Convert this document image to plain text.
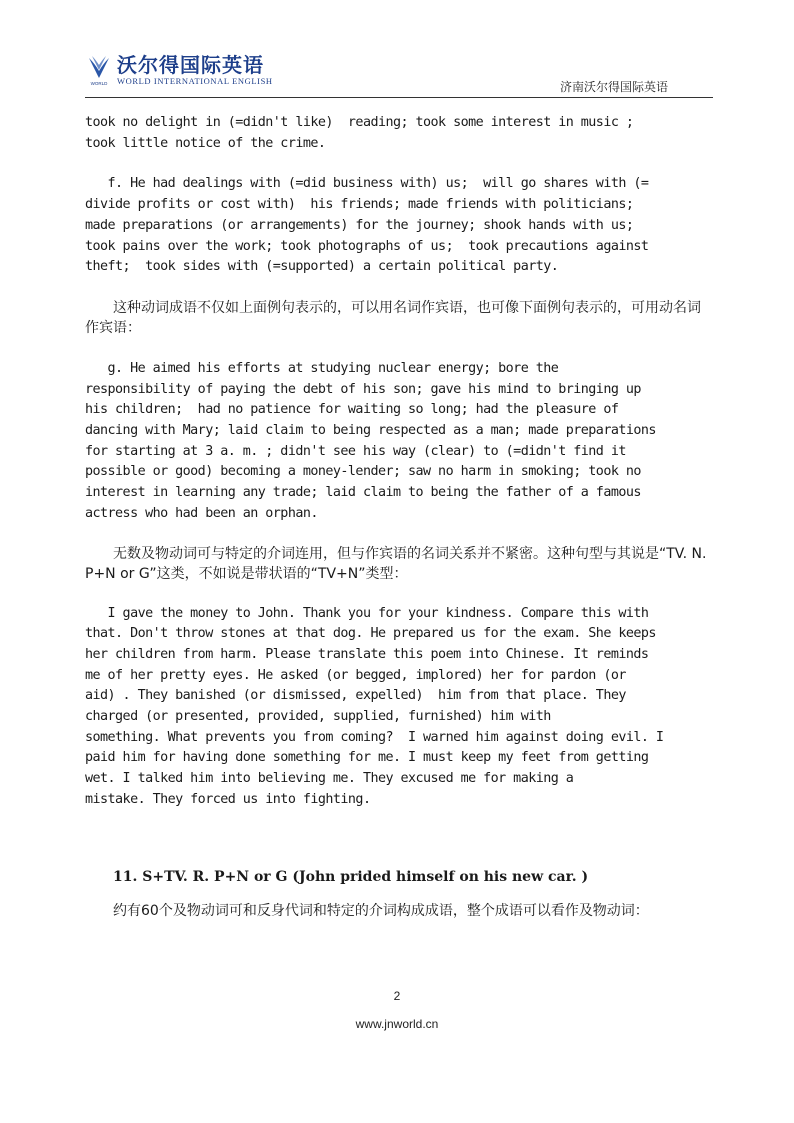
WORLD
沃尔得国际英语
WORLD INTERNATIONAL ENGLISH	济南沃尔得国际英语

took no delight in (=didn't like)  reading; took some interest in music ;
took little notice of the crime.

f. He had dealings with (=did business with) us;  will go shares with (=
divide profits or cost with)  his friends; made friends with politicians;
made preparations (or arrangements) for the journey; shook hands with us;
took pains over the work; took photographs of us;  took precautions against
theft;  took sides with (=supported) a certain political party.

这种动词成语不仅如上面例句表示的，可以用名词作宾语，也可像下面例句表示的，可用动名词作宾语：

g. He aimed his efforts at studying nuclear energy; bore the
responsibility of paying the debt of his son; gave his mind to bringing up
his children;  had no patience for waiting so long; had the pleasure of
dancing with Mary; laid claim to being respected as a man; made preparations
for starting at 3 a. m. ; didn't see his way (clear) to (=didn't find it
possible or good) becoming a money-lender; saw no harm in smoking; took no
interest in learning any trade; laid claim to being the father of a famous
actress who had been an orphan.

无数及物动词可与特定的介词连用，但与作宾语的名词关系并不紧密。这种句型与其说是“TV. N. P+N or G”这类，不如说是带状语的“TV+N”类型：

I gave the money to John. Thank you for your kindness. Compare this with
that. Don't throw stones at that dog. He prepared us for the exam. She keeps
her children from harm. Please translate this poem into Chinese. It reminds
me of her pretty eyes. He asked (or begged, implored) her for pardon (or
aid) . They banished (or dismissed, expelled)  him from that place. They
charged (or presented, provided, supplied, furnished) him with
something. What prevents you from coming?  I warned him against doing evil. I
paid him for having done something for me. I must keep my feet from getting
wet. I talked him into believing me. They excused me for making a
mistake. They forced us into fighting.

11. S+TV. R. P+N or G (John prided himself on his new car. )

约有60个及物动词可和反身代词和特定的介词构成成语，整个成语可以看作及物动词：

2
www.jnworld.cn
